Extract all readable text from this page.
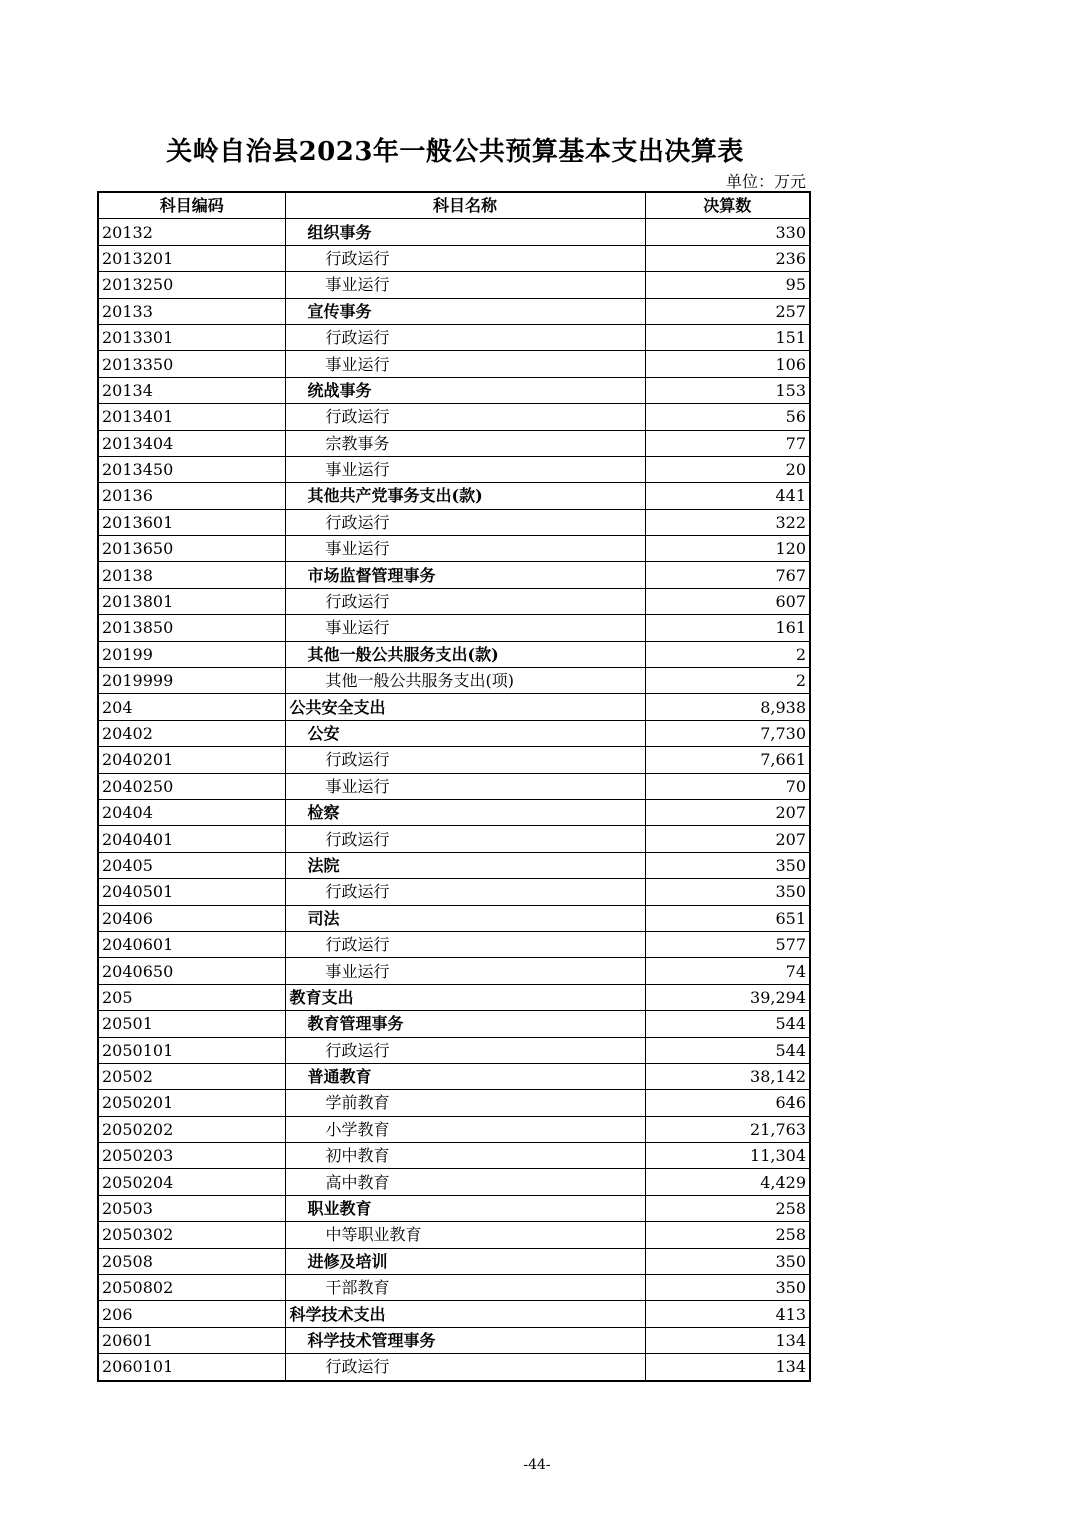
关岭自治县2023年一般公共预算基本支出决算表
单位：万元
科目编码	科目名称	决算数
20132	组织事务	330
2013201	行政运行	236
2013250	事业运行	95
20133	宣传事务	257
2013301	行政运行	151
2013350	事业运行	106
20134	统战事务	153
2013401	行政运行	56
2013404	宗教事务	77
2013450	事业运行	20
20136	其他共产党事务支出(款)	441
2013601	行政运行	322
2013650	事业运行	120
20138	市场监督管理事务	767
2013801	行政运行	607
2013850	事业运行	161
20199	其他一般公共服务支出(款)	2
2019999	其他一般公共服务支出(项)	2
204	公共安全支出	8,938
20402	公安	7,730
2040201	行政运行	7,661
2040250	事业运行	70
20404	检察	207
2040401	行政运行	207
20405	法院	350
2040501	行政运行	350
20406	司法	651
2040601	行政运行	577
2040650	事业运行	74
205	教育支出	39,294
20501	教育管理事务	544
2050101	行政运行	544
20502	普通教育	38,142
2050201	学前教育	646
2050202	小学教育	21,763
2050203	初中教育	11,304
2050204	高中教育	4,429
20503	职业教育	258
2050302	中等职业教育	258
20508	进修及培训	350
2050802	干部教育	350
206	科学技术支出	413
20601	科学技术管理事务	134
2060101	行政运行	134
-44-
